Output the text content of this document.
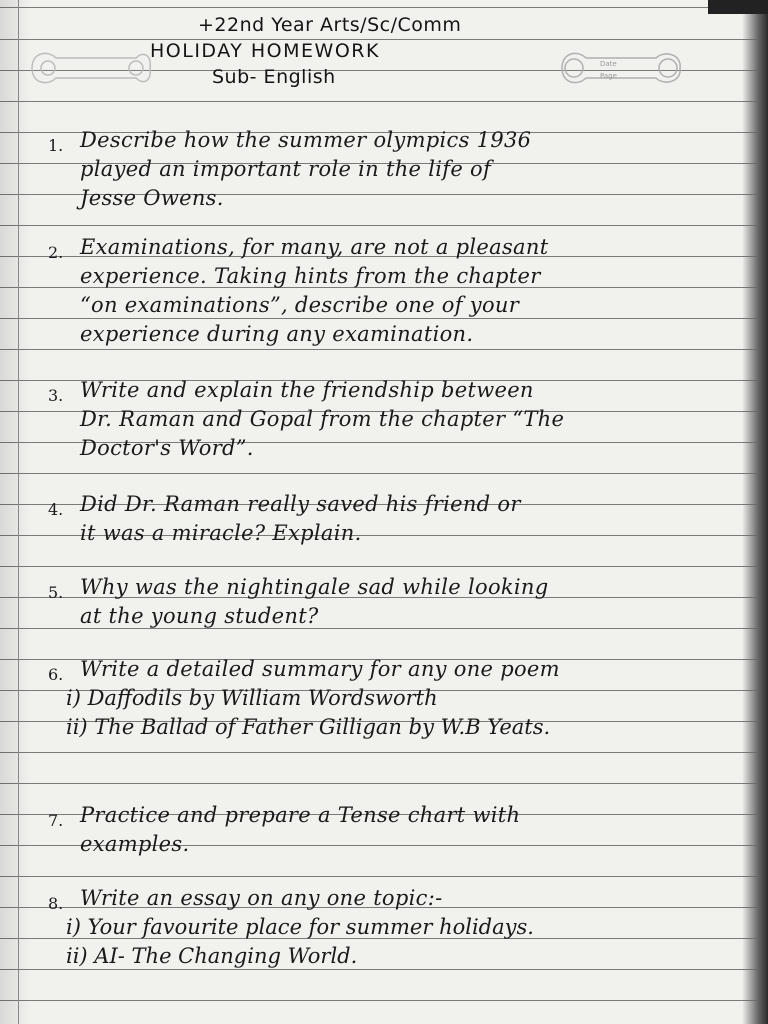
+22nd Year Arts/Sc/Comm
HOLIDAY HOMEWORK
Sub- English
Date
Page
1. Describe how the summer olympics 1936
played an important role in the life of
Jesse Owens.
2. Examinations, for many, are not a pleasant
experience. Taking hints from the chapter
“on examinations”, describe one of your
experience during any examination.
3. Write and explain the friendship between
Dr. Raman and Gopal from the chapter “The
Doctor's Word”.
4. Did Dr. Raman really saved his friend or
it was a miracle? Explain.
5. Why was the nightingale sad while looking
at the young student?
6. Write a detailed summary for any one poem
i) Daffodils by William Wordsworth
ii) The Ballad of Father Gilligan by W.B Yeats.
7. Practice and prepare a Tense chart with
examples.
8. Write an essay on any one topic:-
i) Your favourite place for summer holidays.
ii) AI- The Changing World.
